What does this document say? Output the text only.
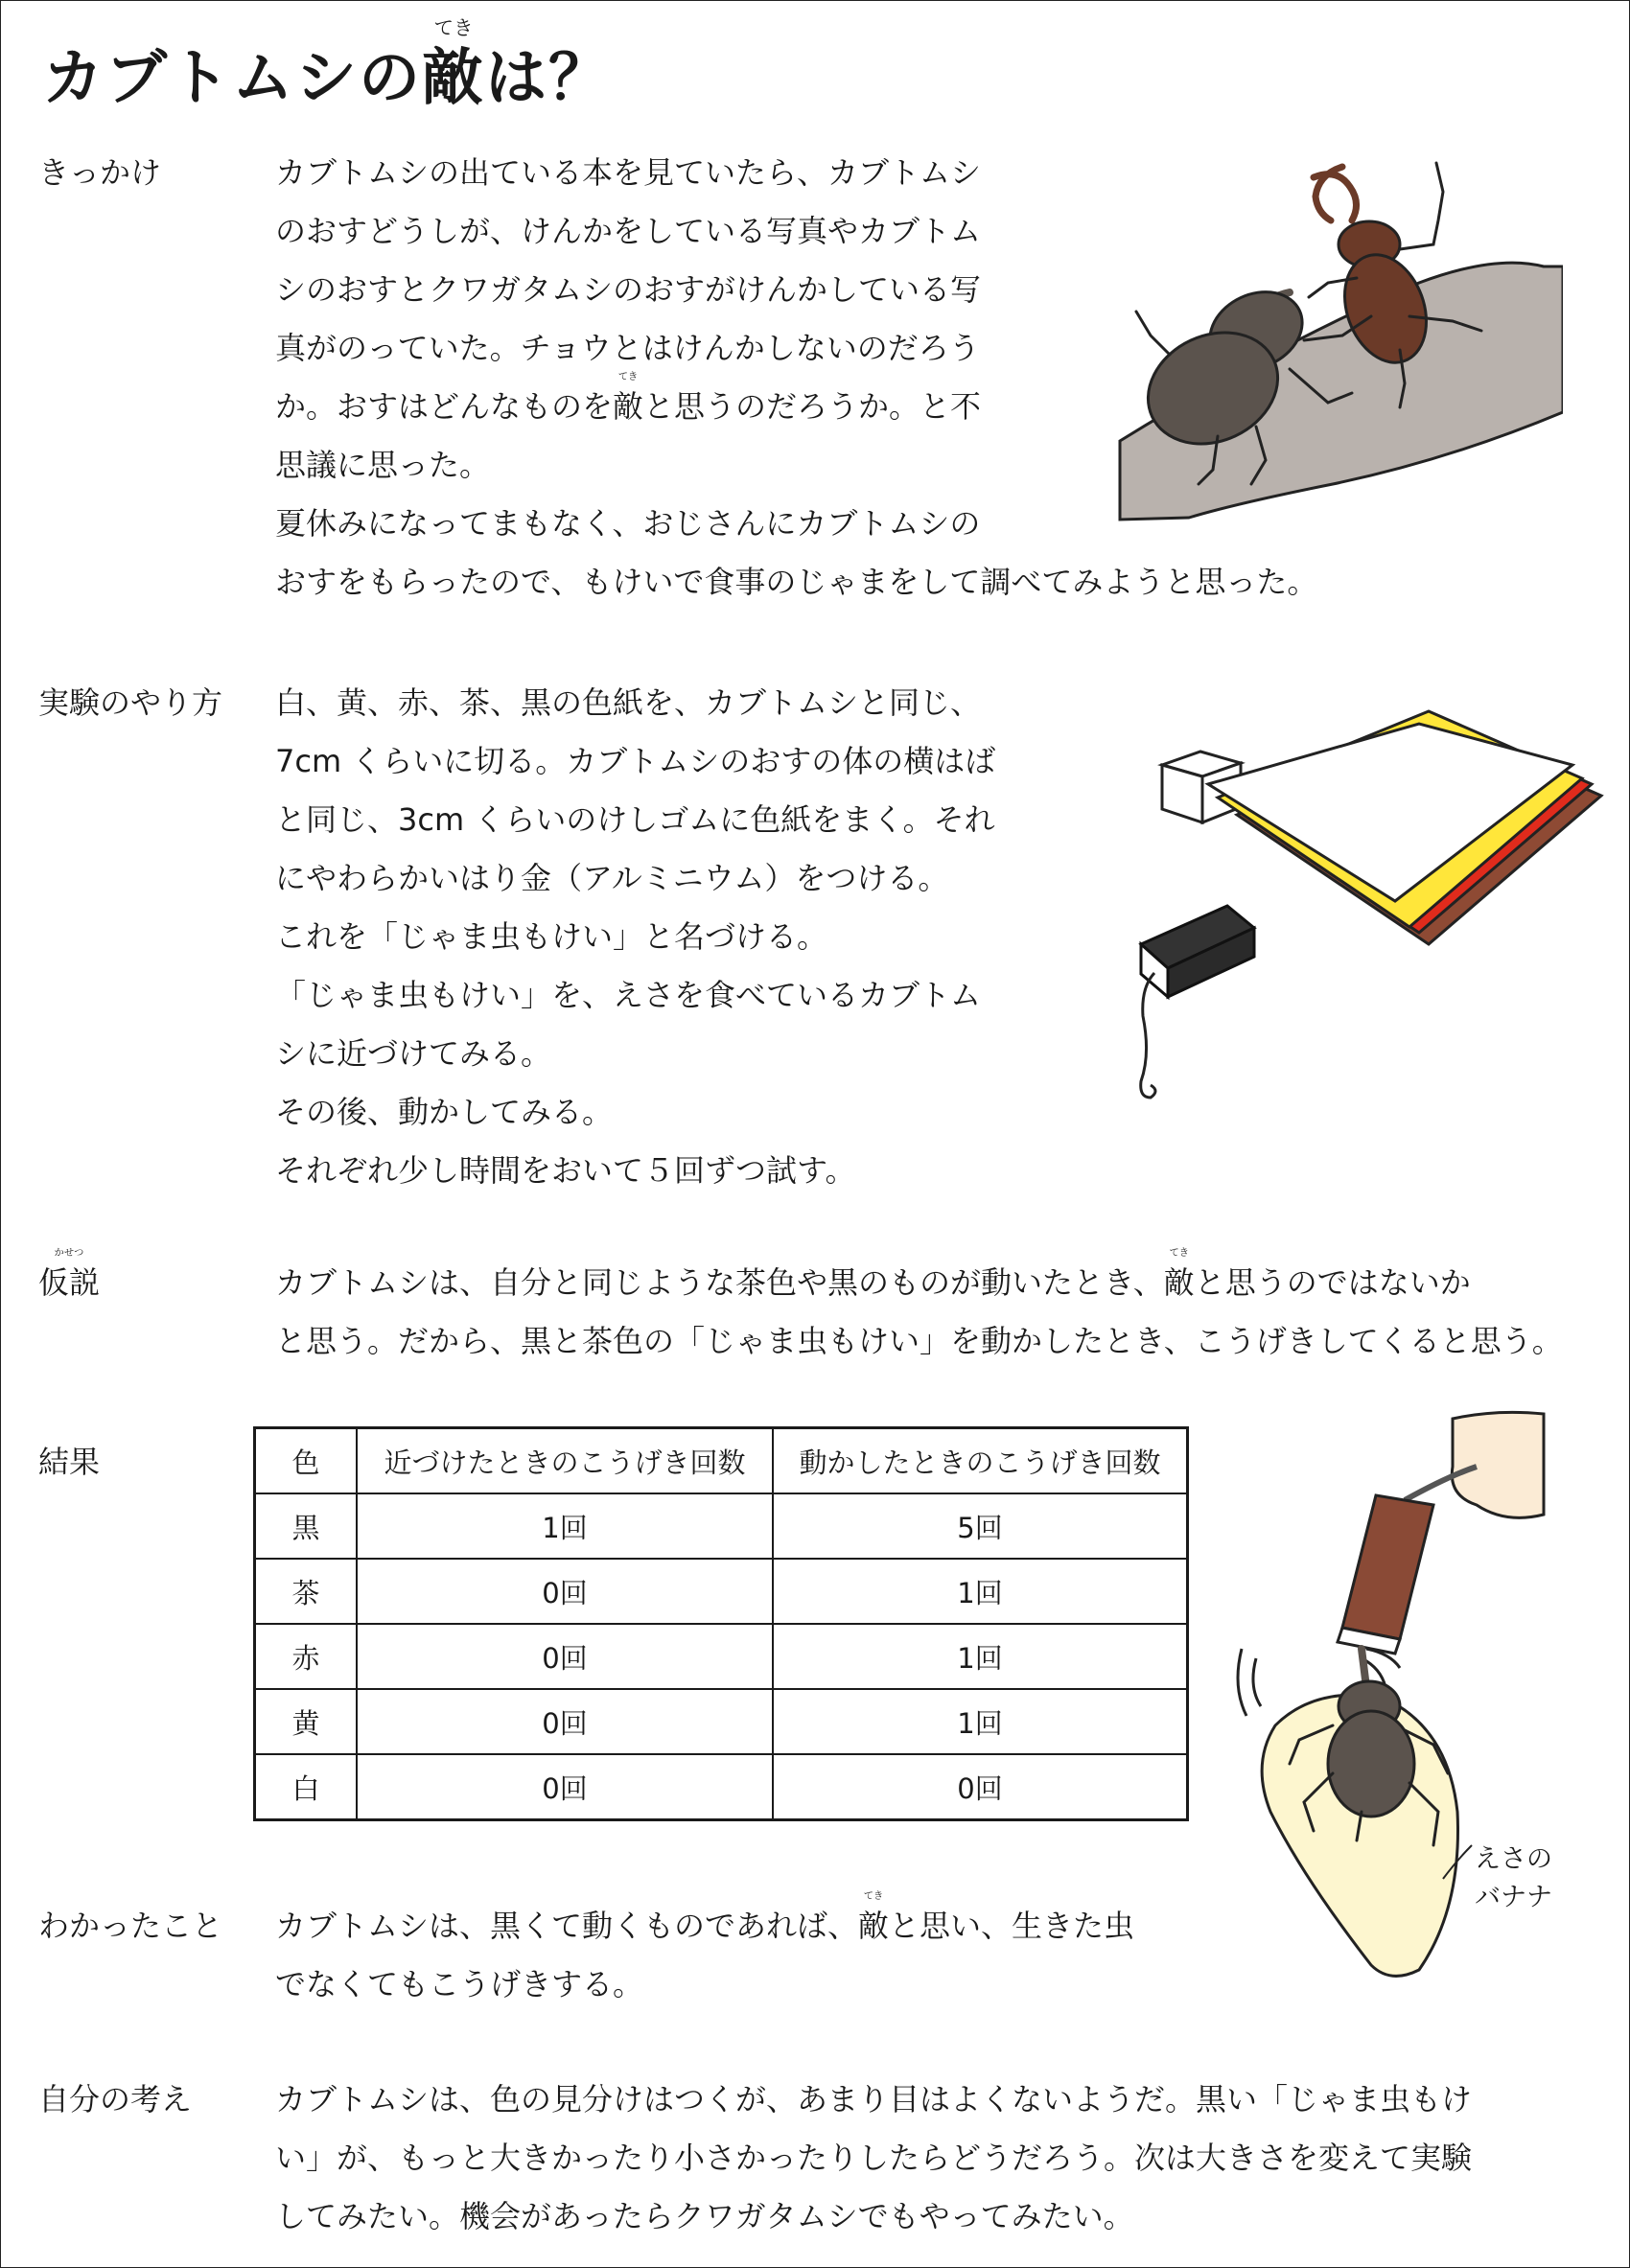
カブトムシの
てき
敵は？
きっかけ	カブトムシの出ている本を見ていたら、カブトムシ
のおすどうしが、けんかをしている写真やカブトム
シのおすとクワガタムシのおすがけんかしている写
真がのっていた。チョウとはけんかしないのだろう
か。おすはどんなものを
てき
敵と思うのだろうか。と不
思議に思った。
夏休みになってまもなく、おじさんにカブトムシの
おすをもらったので、もけいで食事のじゃまをして調べてみようと思った。
実験のやり方 白、黄、赤、茶、黒の色紙を、カブトムシと同じ、
7cm くらいに切る。カブトムシのおすの体の横はば
と同じ、3cm くらいのけしゴムに色紙をまく。それ
にやわらかいはり金（アルミニウム）をつける。
これを「じゃま虫もけい」と名づける。
「じゃま虫もけい」を、えさを食べているカブトム
シに近づけてみる。
その後、動かしてみる。
それぞれ少し時間をおいて５回ずつ試す。
かせつ
仮説	カブトムシは、自分と同じような茶色や黒のものが動いたとき、
てき
敵と思うのではないか
と思う。だから、黒と茶色の「じゃま虫もけい」を動かしたとき、こうげきしてくると思う。
結果	色	近づけたときのこうげき回数	動かしたときのこうげき回数
黒	1回	5回
茶	0回	1回
赤	0回	1回
黄	0回	1回
白	0回	0回
えさの
バナナ
わかったこと カブトムシは、黒くて動くものであれば、
てき
敵と思い、生きた虫
でなくてもこうげきする。
自分の考え	カブトムシは、色の見分けはつくが、あまり目はよくないようだ。黒い「じゃま虫もけ
い」が、もっと大きかったり小さかったりしたらどうだろう。次は大きさを変えて実験
してみたい。機会があったらクワガタムシでもやってみたい。
